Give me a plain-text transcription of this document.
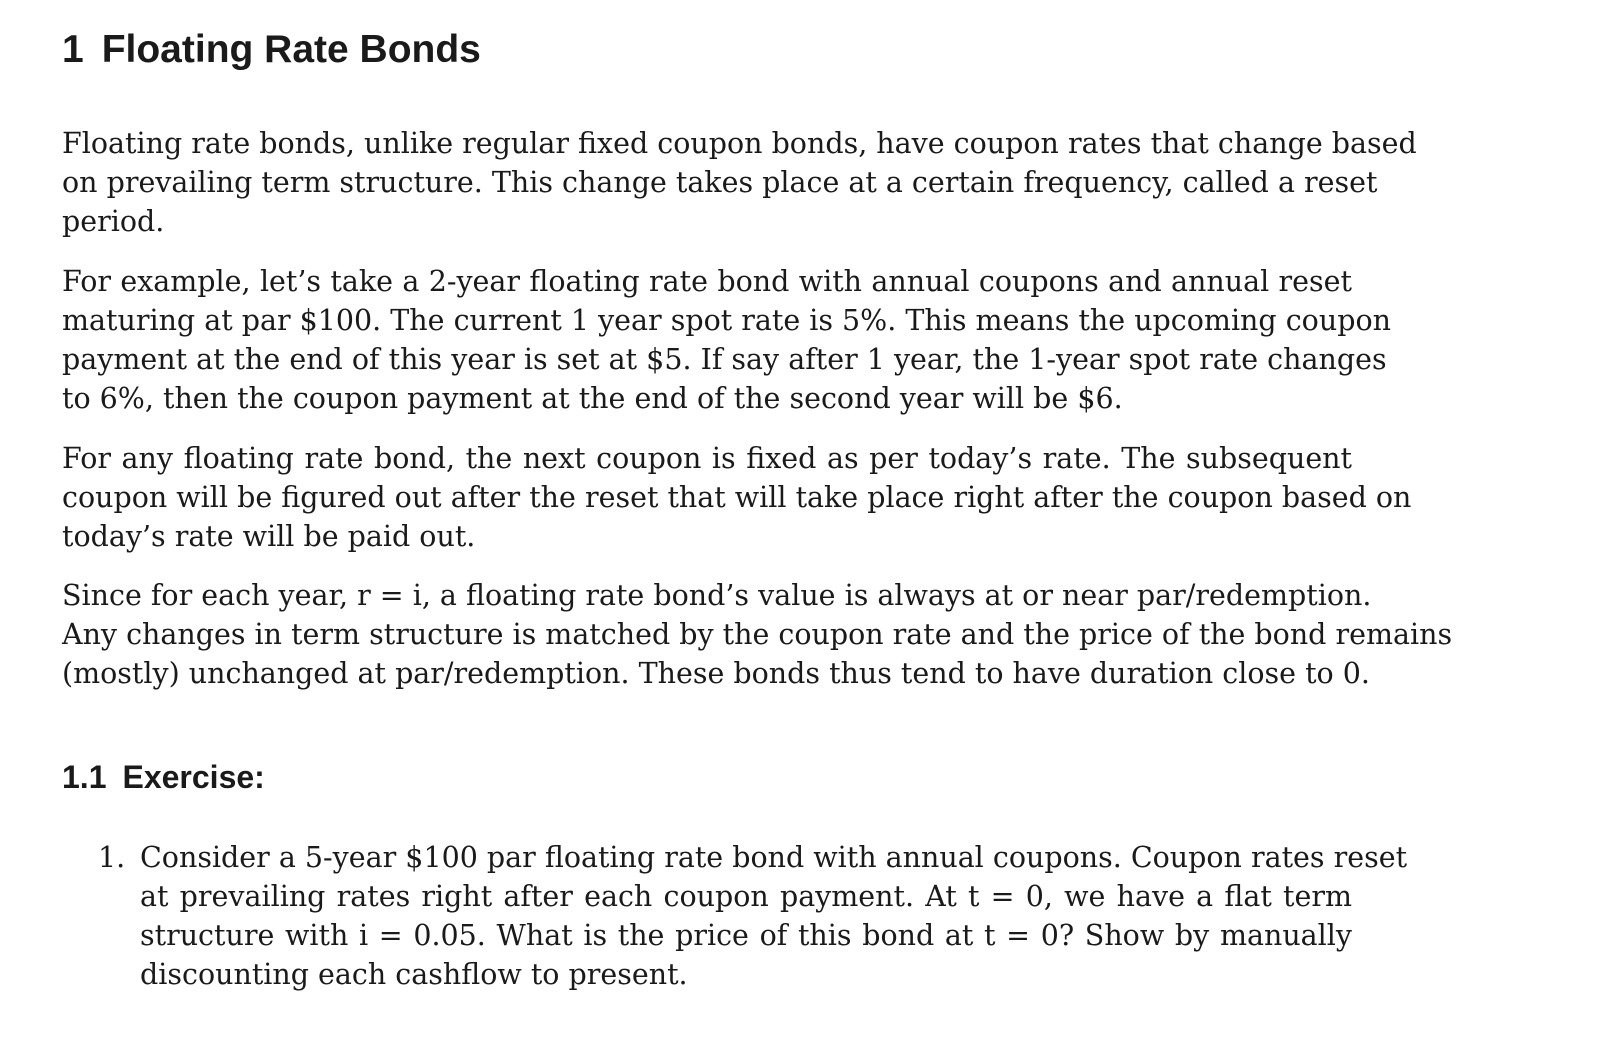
1 Floating Rate Bonds
Floating rate bonds, unlike regular fixed coupon bonds, have coupon rates that change based
on prevailing term structure. This change takes place at a certain frequency, called a reset
period.
For example, let’s take a 2-year floating rate bond with annual coupons and annual reset
maturing at par $100. The current 1 year spot rate is 5%. This means the upcoming coupon
payment at the end of this year is set at $5. If say after 1 year, the 1-year spot rate changes
to 6%, then the coupon payment at the end of the second year will be $6.
For any floating rate bond, the next coupon is fixed as per today’s rate. The subsequent
coupon will be figured out after the reset that will take place right after the coupon based on
today’s rate will be paid out.
Since for each year, r = i, a floating rate bond’s value is always at or near par/redemption.
Any changes in term structure is matched by the coupon rate and the price of the bond remains
(mostly) unchanged at par/redemption. These bonds thus tend to have duration close to 0.
1.1 Exercise:
1. Consider a 5-year $100 par floating rate bond with annual coupons. Coupon rates reset
at prevailing rates right after each coupon payment. At t = 0, we have a flat term
structure with i = 0.05. What is the price of this bond at t = 0? Show by manually
discounting each cashflow to present.
